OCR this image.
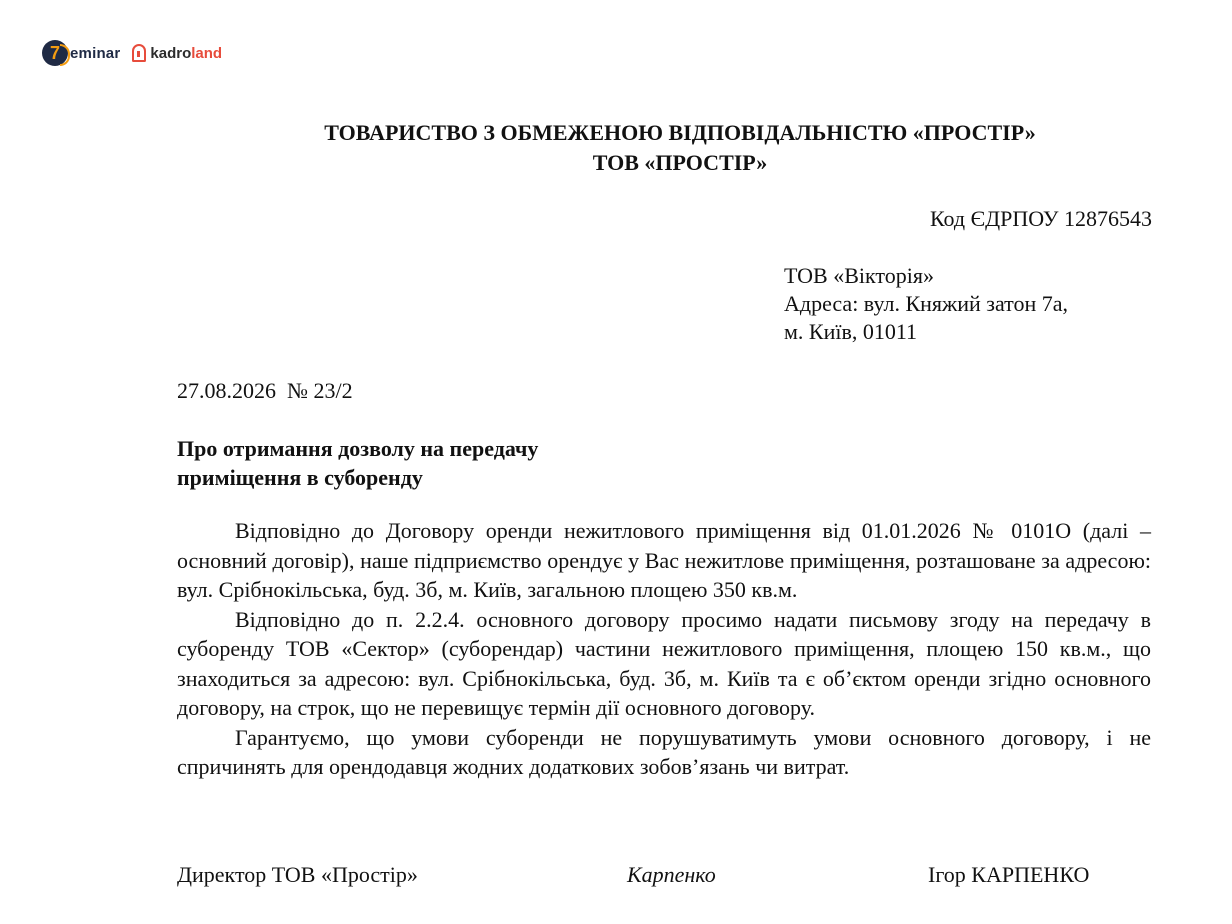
7 eminar kadro land
ТОВАРИСТВО З ОБМЕЖЕНОЮ ВІДПОВІДАЛЬНІСТЮ «ПРОСТІР»
ТОВ «ПРОСТІР»
Код ЄДРПОУ 12876543
ТОВ «Вікторія»
Адреса: вул. Княжий затон 7а,
м. Київ, 01011
27.08.2026  № 23/2
Про отримання дозволу на передачу
приміщення в суборенду

Відповідно до Договору оренди нежитлового приміщення від 01.01.2026 № 0101О (далі – основний договір), наше підприємство орендує у Вас нежитлове приміщення, розташоване за адресою: вул. Срібнокільська, буд. 3б, м. Київ, загальною площею 350 кв.м.

Відповідно до п. 2.2.4. основного договору просимо надати письмову згоду на передачу в суборенду ТОВ «Сектор» (суборендар) частини нежитлового приміщення, площею 150 кв.м., що знаходиться за адресою: вул. Срібнокільська, буд. 3б, м. Київ та є об’єктом оренди згідно основного договору, на строк, що не перевищує термін дії основного договору.

Гарантуємо, що умови суборенди не порушуватимуть умови основного договору, і не спричинять для орендодавця жодних додаткових зобов’язань чи витрат.

Директор ТОВ «Простір»	Карпенко	Ігор КАРПЕНКО
